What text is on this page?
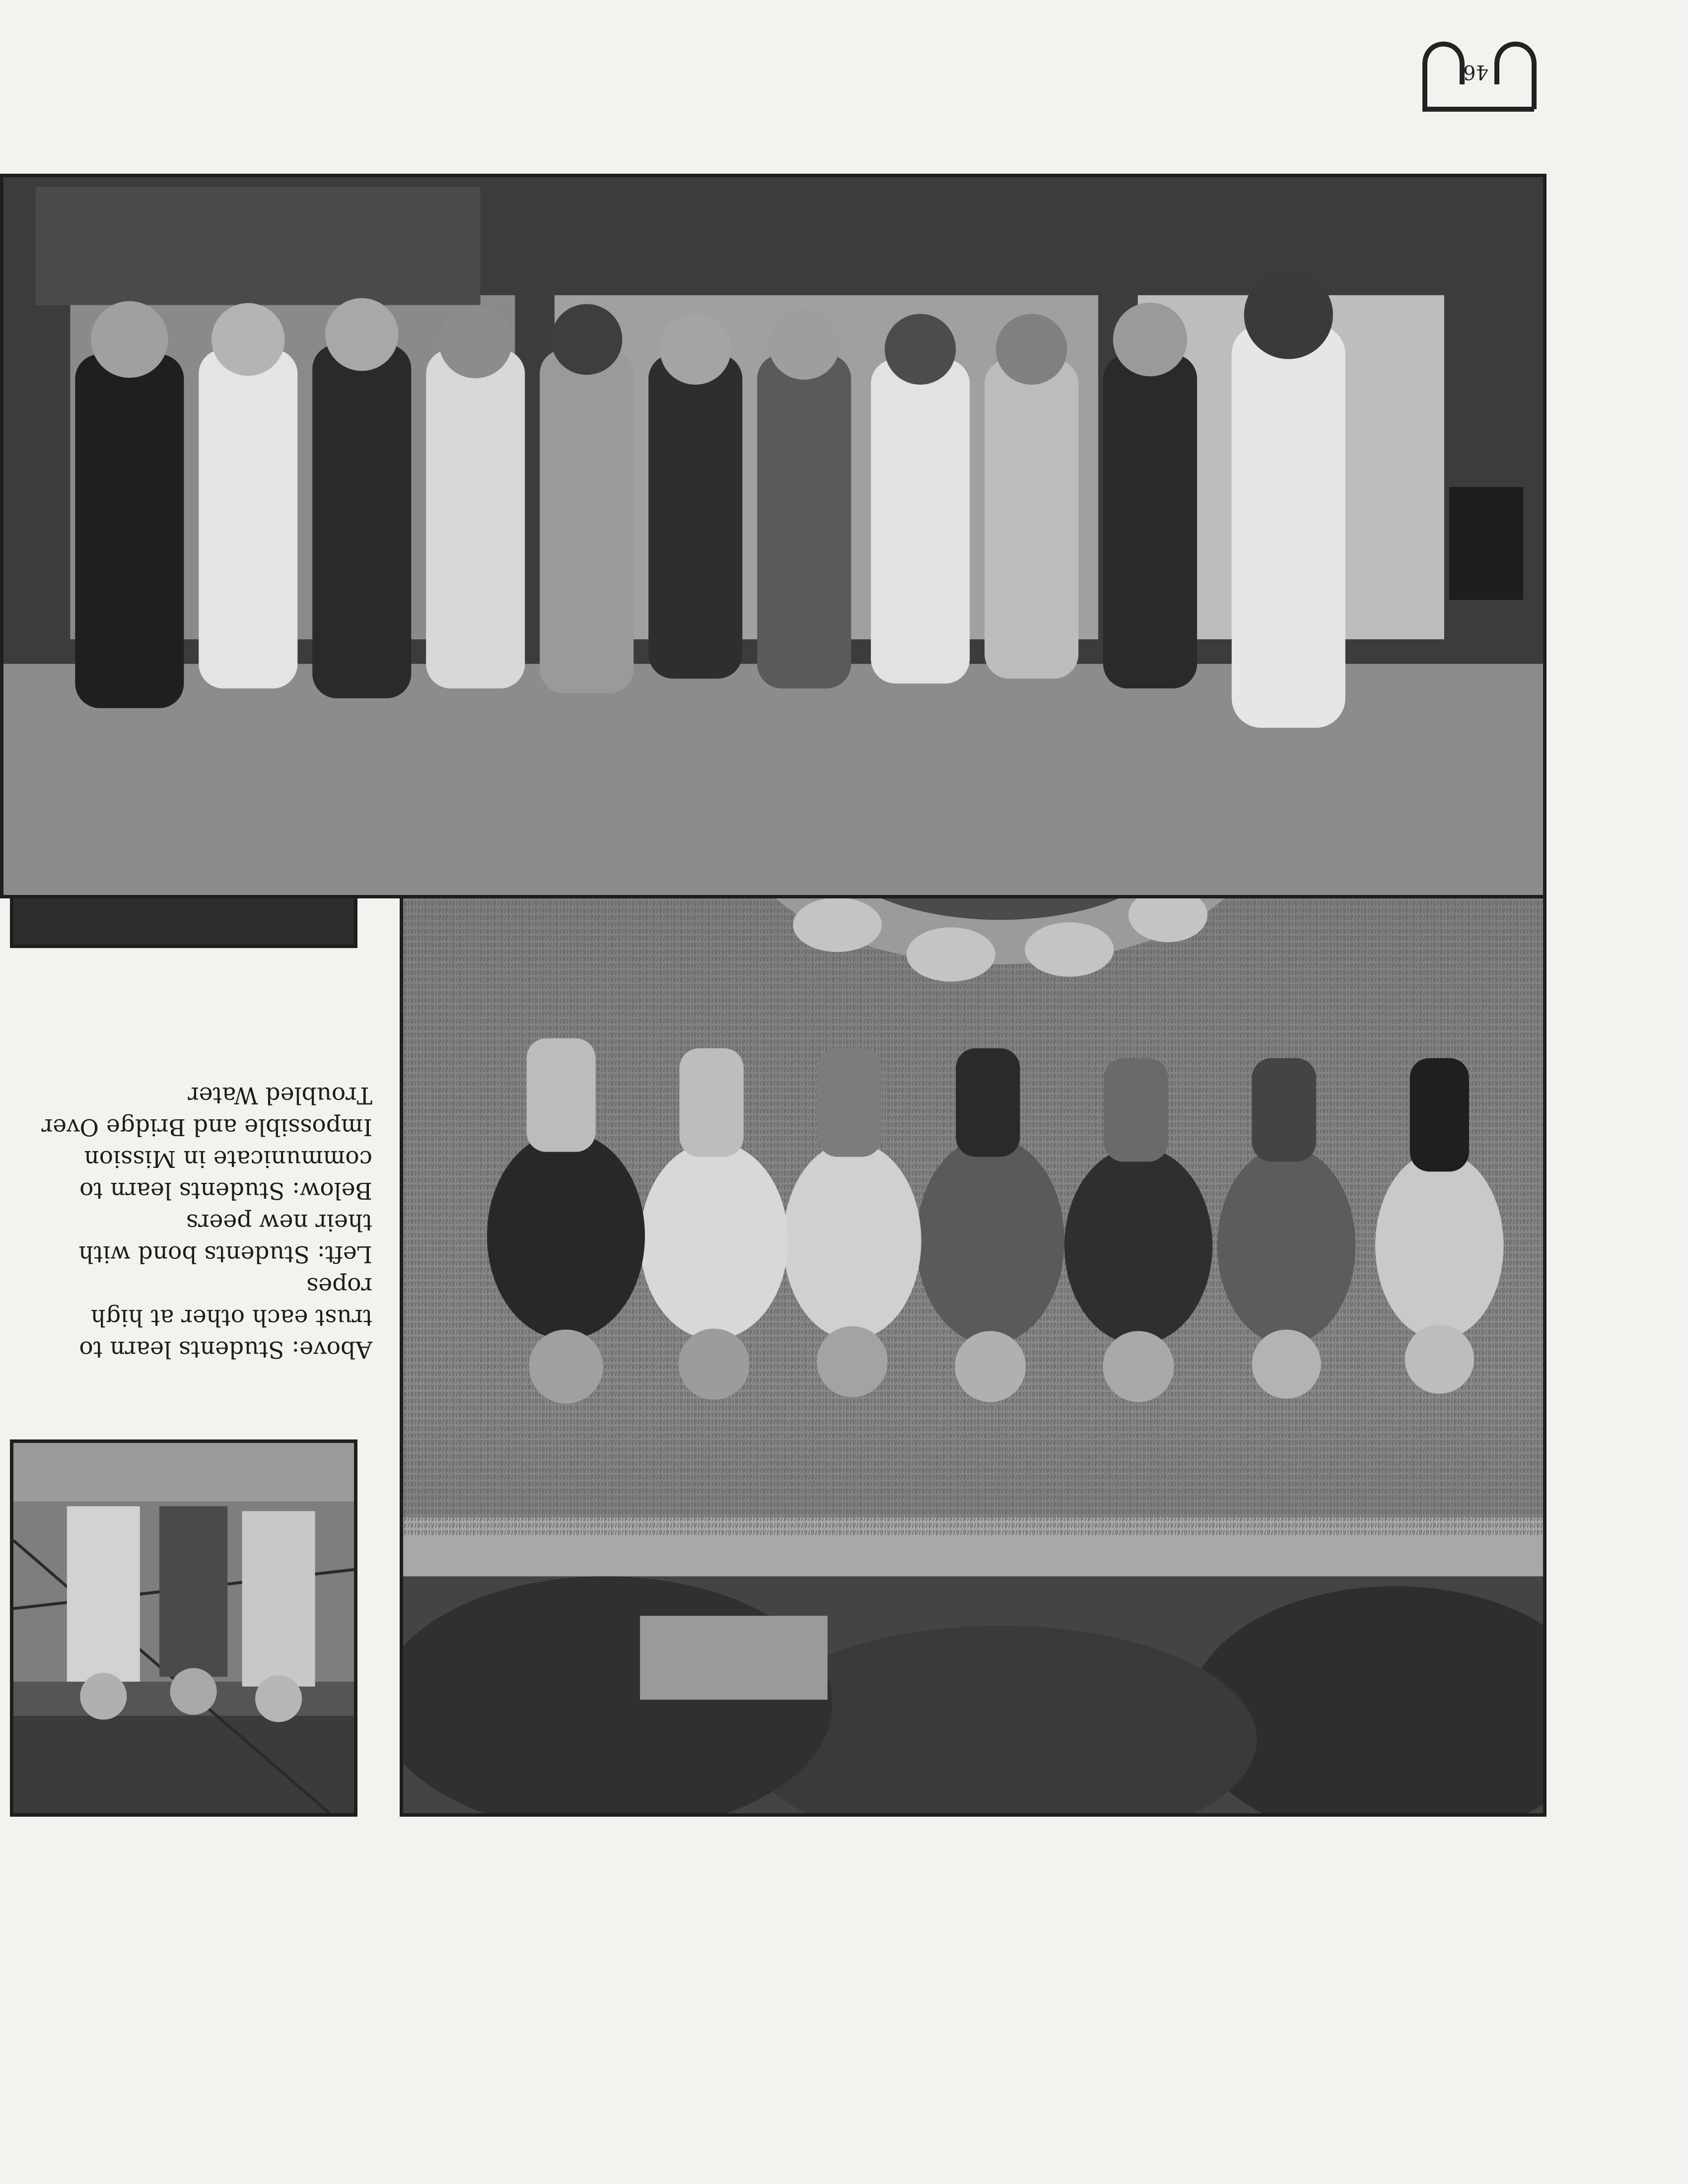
Above: Students learn to
trust each other at high
ropes
Left: Students bond with
their new peers
Below: Students learn to
communicate in Mission
Impossible and Bridge Over
Troubled Water
46
